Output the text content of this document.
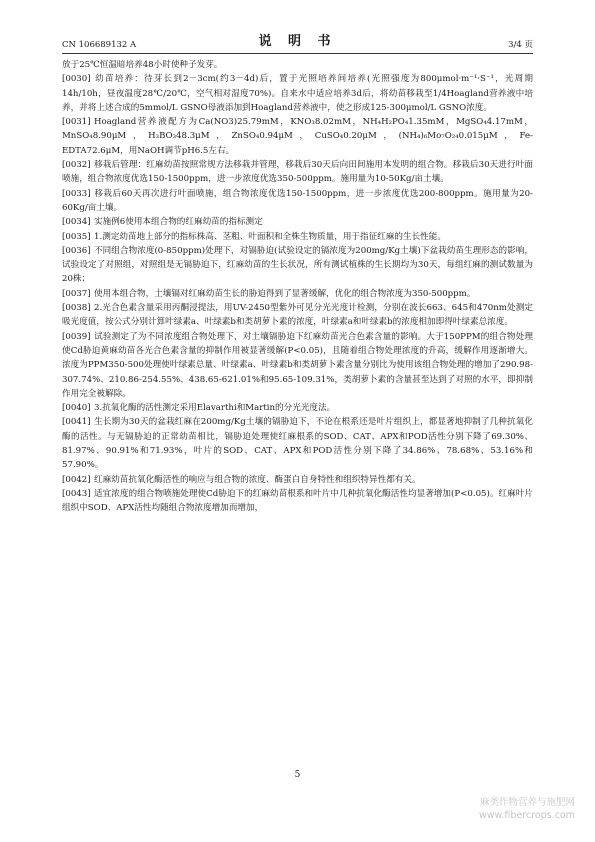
CN 106689132 A	说 明 书	3/4 页

放于25℃恒温暗培养48小时使种子发芽。

[0030] 幼苗培养：待芽长到2－3cm(约3－4d)后，置于光照培养间培养(光照强度为800μmol·m⁻¹·S⁻¹，光周期14h/10h，昼夜温度28℃/20℃，空气相对湿度70%)。自来水中适应培养3d后，将幼苗移栽至1/4Hoagland营养液中培养，并将上述合成的5mmol/L GSNO母液添加到Hoagland营养液中，使之形成125-300μmol/L GSNO浓度。

[0031] Hoagland营养液配方为Ca(NO3)25.79mM，KNO₃8.02mM，NH₄H₂PO₄1.35mM，MgSO₄4.17mM，MnSO₄8.90μM，H₃BO₃48.3μM，ZnSO₄0.94μM，CuSO₄0.20μM，(NH₄)₆Mo₇O₂₄0.015μM，Fe-EDTA72.6μM，用NaOH调节pH6.5左右。

[0032] 移栽后管理：红麻幼苗按照常规方法移栽并管理，移栽后30天后向田间施用本发明的组合物。移栽后30天进行叶面喷施，组合物浓度优选150-1500ppm，进一步浓度优选350-500ppm。施用量为10-50Kg/亩土壤。

[0033] 移栽后60天再次进行叶面喷施，组合物浓度优选150-1500ppm，进一步浓度优选200-800ppm。施用量为20-60Kg/亩土壤。

[0034] 实施例6使用本组合物的红麻幼苗的指标测定

[0035] 1.测定幼苗地上部分的指标株高、茎粗、叶面积和全株生物质量，用于指征红麻的生长性能。

[0036] 不同组合物浓度(0-850ppm)处理下，对镉胁迫(试验设定的镉浓度为200mg/Kg土壤)下盆栽幼苗生理形态的影响，试验设定了对照组，对照组是无镉胁迫下，红麻幼苗的生长状况，所有测试植株的生长期均为30天，每组红麻的测试数量为20株；

[0037] 使用本组合物，土壤镉对红麻幼苗生长的胁迫得到了显著缓解，优化的组合物浓度为350-500ppm。

[0038] 2.光合色素含量采用丙酮浸提法，用UV-2450型紫外可见分光光度计检测，分别在波长663、645和470nm处测定吸光度值，按公式分别计算叶绿素a、叶绿素b和类胡萝卜素的浓度，叶绿素a和叶绿素b的浓度相加即得叶绿素总浓度。

[0039] 试验测定了为不同浓度组合物处理下，对土壤镉胁迫下红麻幼苗光合色素含量的影响。大于150PPM的组合物处理使Cd胁迫黄麻幼苗各光合色素含量的抑制作用被显著缓解(P<0.05)，且随着组合物处理浓度的升高，缓解作用逐渐增大。浓度为PPM350-500处理使叶绿素总量、叶绿素a、叶绿素b和类胡萝卜素含量分别比为使用该组合物处理的增加了290.98-307.74%、210.86-254.55%、438.65-621.01%和95.65-109.31%，类胡萝卜素的含量甚至达到了对照的水平，即抑制作用完全被解除。

[0040] 3.抗氧化酶的活性测定采用Elavarthi和Martin的分光光度法。

[0041] 生长期为30天的盆栽红麻在200mg/Kg土壤的镉胁迫下，不论在根系还是叶片组织上，都显著地抑制了几种抗氧化酶的活性。与无镉胁迫的正常幼苗相比，镉胁迫处理使红麻根系的SOD、CAT、APX和POD活性分别下降了69.30%、81.97%、90.91%和71.93%，叶片的SOD、CAT、APX和POD活性分别下降了34.86%、78.68%、53.16%和57.90%。

[0042] 红麻幼苗抗氧化酶活性的响应与组合物的浓度、酶蛋白自身特性和组织特异性都有关。

[0043] 适宜浓度的组合物喷施处理使Cd胁迫下的红麻幼苗根系和叶片中几种抗氧化酶活性均显著增加(P<0.05)。红麻叶片组织中SOD、APX活性均随组合物浓度增加而增加，

5
麻类作物营养与施肥网
www.fibercrops.com
